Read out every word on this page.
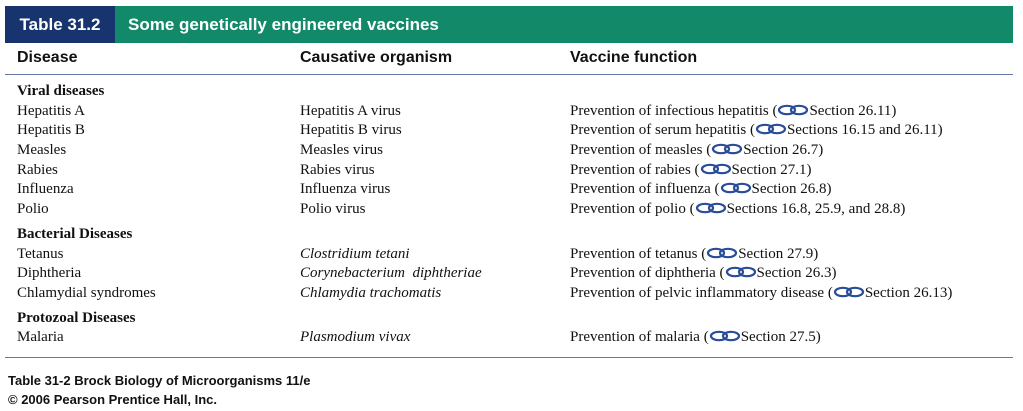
Table 31.2	Some genetically engineered vaccines
Disease	Causative organism	Vaccine function
Viral diseases
Hepatitis A	Hepatitis A virus	Prevention of infectious hepatitis ( Section 26.11)
Hepatitis B	Hepatitis B virus	Prevention of serum hepatitis ( Sections 16.15 and 26.11)
Measles	Measles virus	Prevention of measles ( Section 26.7)
Rabies	Rabies virus	Prevention of rabies ( Section 27.1)
Influenza	Influenza virus	Prevention of influenza ( Section 26.8)
Polio	Polio virus	Prevention of polio ( Sections 16.8, 25.9, and 28.8)
Bacterial Diseases
Tetanus	Clostridium tetani	Prevention of tetanus ( Section 27.9)
Diphtheria	Corynebacterium  diphtheriae	Prevention of diphtheria ( Section 26.3)
Chlamydial syndromes	Chlamydia trachomatis	Prevention of pelvic inflammatory disease ( Section 26.13)
Protozoal Diseases
Malaria	Plasmodium vivax	Prevention of malaria ( Section 27.5)
Table 31-2 Brock Biology of Microorganisms 11/e
© 2006 Pearson Prentice Hall, Inc.
